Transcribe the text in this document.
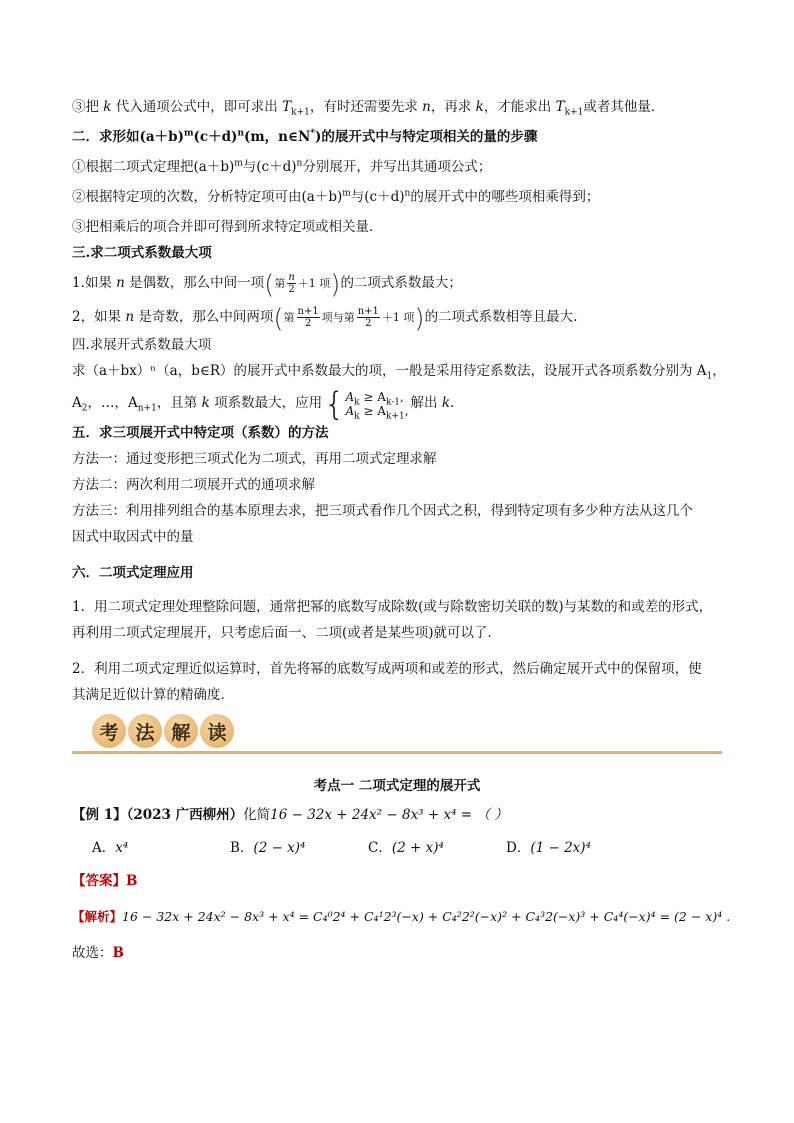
③把 k 代入通项公式中，即可求出 $T_{k+1}$，有时还需要先求 n，再求 k，才能求出 $T_{k+1}$或者其他量．
二．求形如$(a+b)^m(c+d)^n(m$，n∈N*)的展开式中与特定项相关的量的步骤
①根据二项式定理把$(a+b)^m$与$(c+d)^n$分别展开，并写出其通项公式；
②根据特定项的次数，分析特定项可由$(a+b)^m$与$(c+d)^n$的展开式中的哪些项相乘得到；
③把相乘后的项合并即可得到所求特定项或相关量．
三.求二项式系数最大项
1.如果 n 是偶数，那么中间一项(第 $\frac{n}{2} +1$ 项)的二项式系数最大；
2，如果 n 是奇数，那么中间两项(第 $\frac{n+1}{2}$ 项与第 $\frac{n+1}{2} +1$ 项)的二项式系数相等且最大.
四.求展开式系数最大项
求（a＋bx）ⁿ（a，b∈R）的展开式中系数最大的项，一般是采用待定系数法，设展开式各项系数分别为 $A_1$，
$A_2$，…，$A_{n+1}$，且第 k 项系数最大，应用 { $A_k \ge A_{k-1}$,
$A_k \ge A_{k+1}$, 解出 k.
五．求三项展开式中特定项（系数）的方法
方法一：通过变形把三项式化为二项式，再用二项式定理求解
方法二：两次利用二项展开式的通项求解
方法三：利用排列组合的基本原理去求，把三项式看作几个因式之积，得到特定项有多少种方法从这几个
因式中取因式中的量
六．二项式定理应用
1．用二项式定理处理整除问题，通常把幂的底数写成除数(或与除数密切关联的数)与某数的和或差的形式，
再利用二项式定理展开，只考虑后面一、二项(或者是某些项)就可以了．
2．利用二项式定理近似运算时，首先将幂的底数写成两项和或差的形式，然后确定展开式中的保留项，使
其满足近似计算的精确度．
考 法 解 读
考点一 二项式定理的展开式
【例 1】（2023 广西柳州）化简16 − 32x + 24x² − 8x³ + x⁴ = （ ）
A．x⁴	B．(2 − x)⁴	C．(2 + x)⁴	D．(1 − 2x)⁴
【答案】B
【解析】16 − 32x + 24x² − 8x³ + x⁴ = C₄⁰2⁴ + C₄¹2³(−x) + C₄²2²(−x)² + C₄³2(−x)³ + C₄⁴(−x)⁴ = (2 − x)⁴ .
故选：B
